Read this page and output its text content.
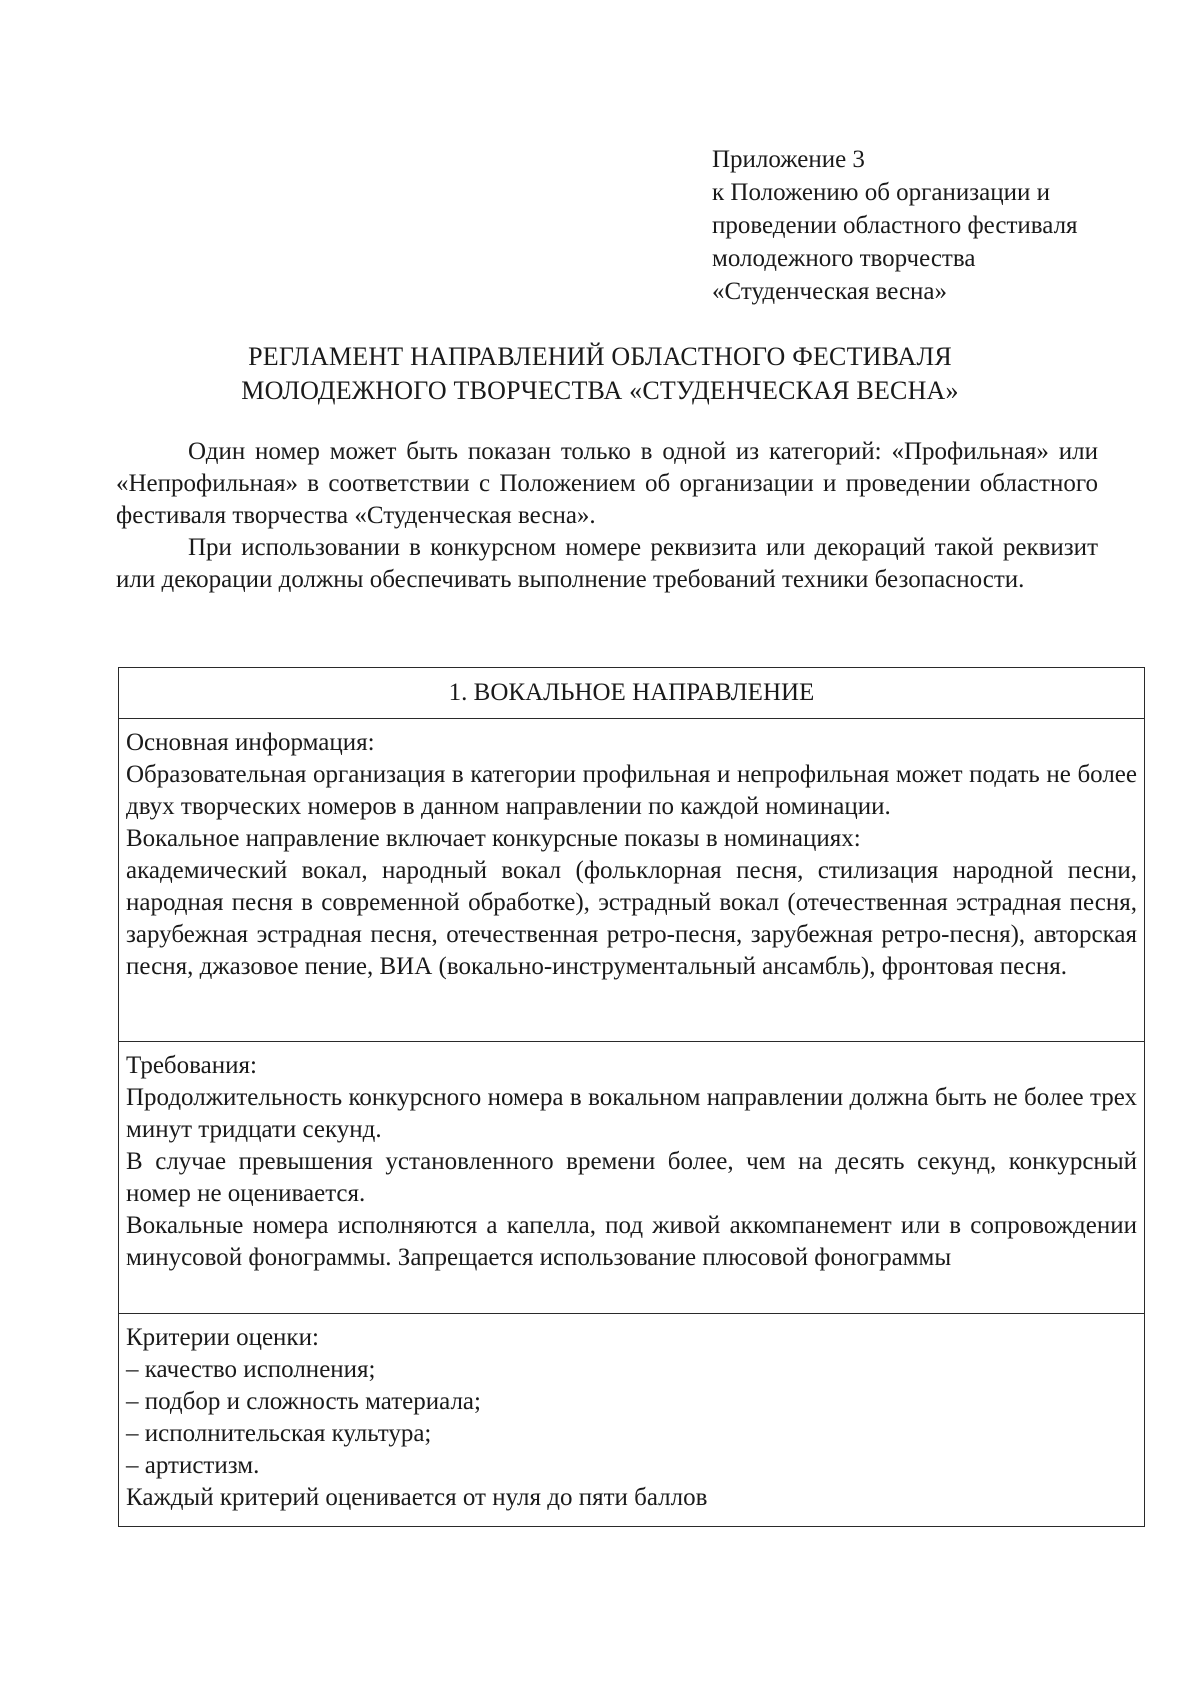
Приложение 3
к Положению об организации и
проведении областного фестиваля
молодежного творчества
«Студенческая весна»
РЕГЛАМЕНТ НАПРАВЛЕНИЙ ОБЛАСТНОГО ФЕСТИВАЛЯ
МОЛОДЕЖНОГО ТВОРЧЕСТВА «СТУДЕНЧЕСКАЯ ВЕСНА»

Один номер может быть показан только в одной из категорий: «Профильная» или «Непрофильная» в соответствии с Положением об организации и проведении областного фестиваля творчества «Студенческая весна».

При использовании в конкурсном номере реквизита или декораций такой реквизит или декорации должны обеспечивать выполнение требований техники безопасности.

1. ВОКАЛЬНОЕ НАПРАВЛЕНИЕ

Основная информация:

Образовательная организация в категории профильная и непрофильная может подать не более двух творческих номеров в данном направлении по каждой номинации.

Вокальное направление включает конкурсные показы в номинациях:

академический вокал, народный вокал (фольклорная песня, стилизация народной песни, народная песня в современной обработке), эстрадный вокал (отечественная эстрадная песня, зарубежная эстрадная песня, отечественная ретро-песня, зарубежная ретро-песня), авторская песня, джазовое пение, ВИА (вокально-инструментальный ансамбль), фронтовая песня.

Требования:

Продолжительность конкурсного номера в вокальном направлении должна быть не более трех минут тридцати секунд.

В случае превышения установленного времени более, чем на десять секунд, конкурсный номер не оценивается.

Вокальные номера исполняются а капелла, под живой аккомпанемент или в сопровождении минусовой фонограммы. Запрещается использование плюсовой фонограммы

Критерии оценки:

– качество исполнения;

– подбор и сложность материала;

– исполнительская культура;

– артистизм.

Каждый критерий оценивается от нуля до пяти баллов
